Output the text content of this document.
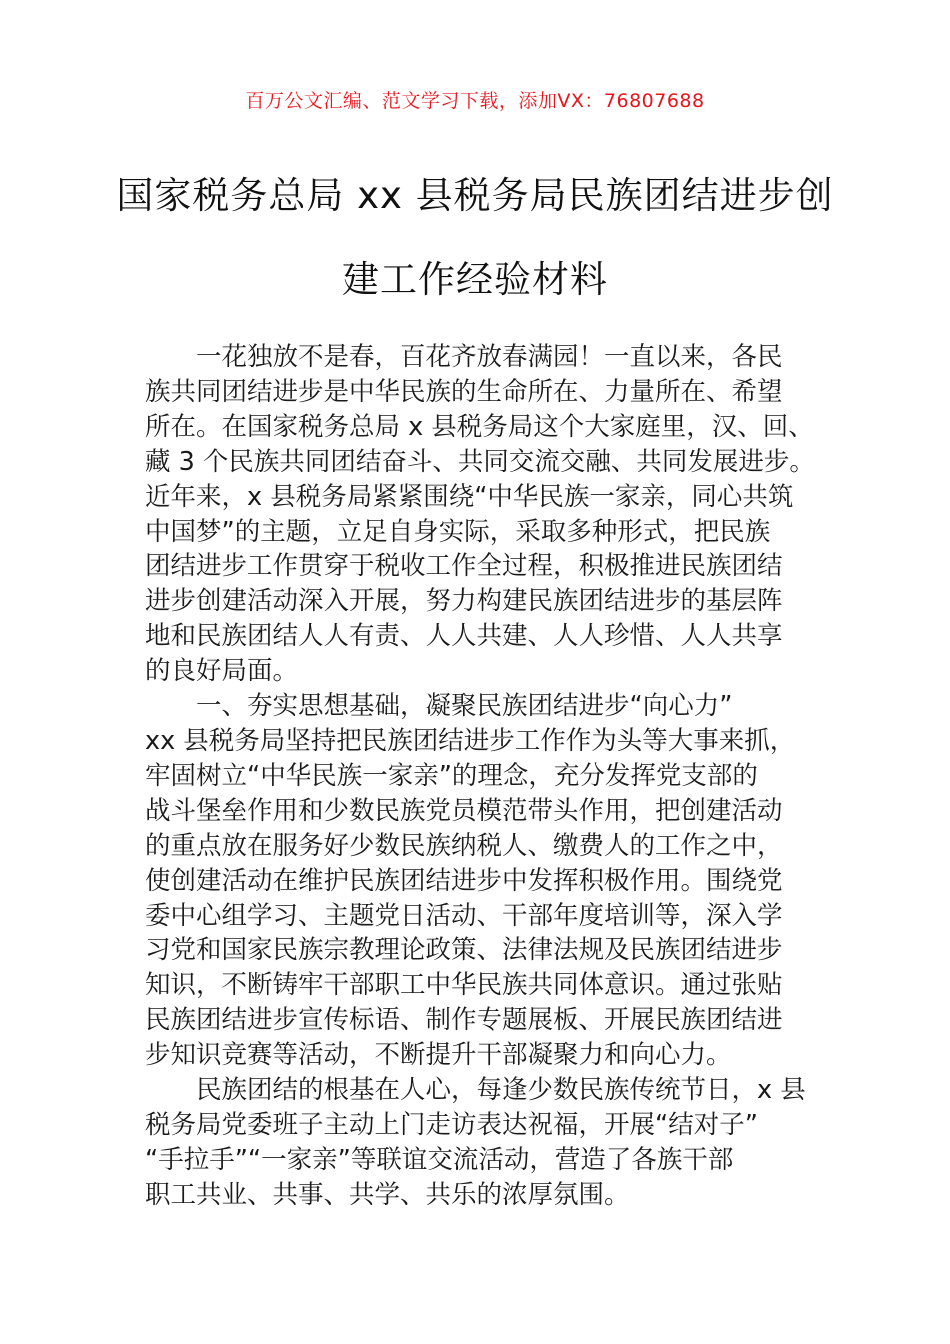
百万公文汇编、范文学习下载，添加VX：76807688
国家税务总局 xx 县税务局民族团结进步创
建工作经验材料

一花独放不是春，百花齐放春满园！一直以来，各民
族共同团结进步是中华民族的生命所在、力量所在、希望
所在。在国家税务总局 x 县税务局这个大家庭里，汉、回、
藏 3 个民族共同团结奋斗、共同交流交融、共同发展进步。
近年来，x 县税务局紧紧围绕“中华民族一家亲，同心共筑
中国梦”的主题，立足自身实际，采取多种形式，把民族
团结进步工作贯穿于税收工作全过程，积极推进民族团结
进步创建活动深入开展，努力构建民族团结进步的基层阵
地和民族团结人人有责、人人共建、人人珍惜、人人共享
的良好局面。

一、夯实思想基础，凝聚民族团结进步“向心力”

xx 县税务局坚持把民族团结进步工作作为头等大事来抓，
牢固树立“中华民族一家亲”的理念，充分发挥党支部的
战斗堡垒作用和少数民族党员模范带头作用，把创建活动
的重点放在服务好少数民族纳税人、缴费人的工作之中，
使创建活动在维护民族团结进步中发挥积极作用。围绕党
委中心组学习、主题党日活动、干部年度培训等，深入学
习党和国家民族宗教理论政策、法律法规及民族团结进步
知识，不断铸牢干部职工中华民族共同体意识。通过张贴
民族团结进步宣传标语、制作专题展板、开展民族团结进
步知识竞赛等活动，不断提升干部凝聚力和向心力。

民族团结的根基在人心，每逢少数民族传统节日，x 县
税务局党委班子主动上门走访表达祝福，开展“结对子”
“手拉手”“一家亲”等联谊交流活动，营造了各族干部
职工共业、共事、共学、共乐的浓厚氛围。
